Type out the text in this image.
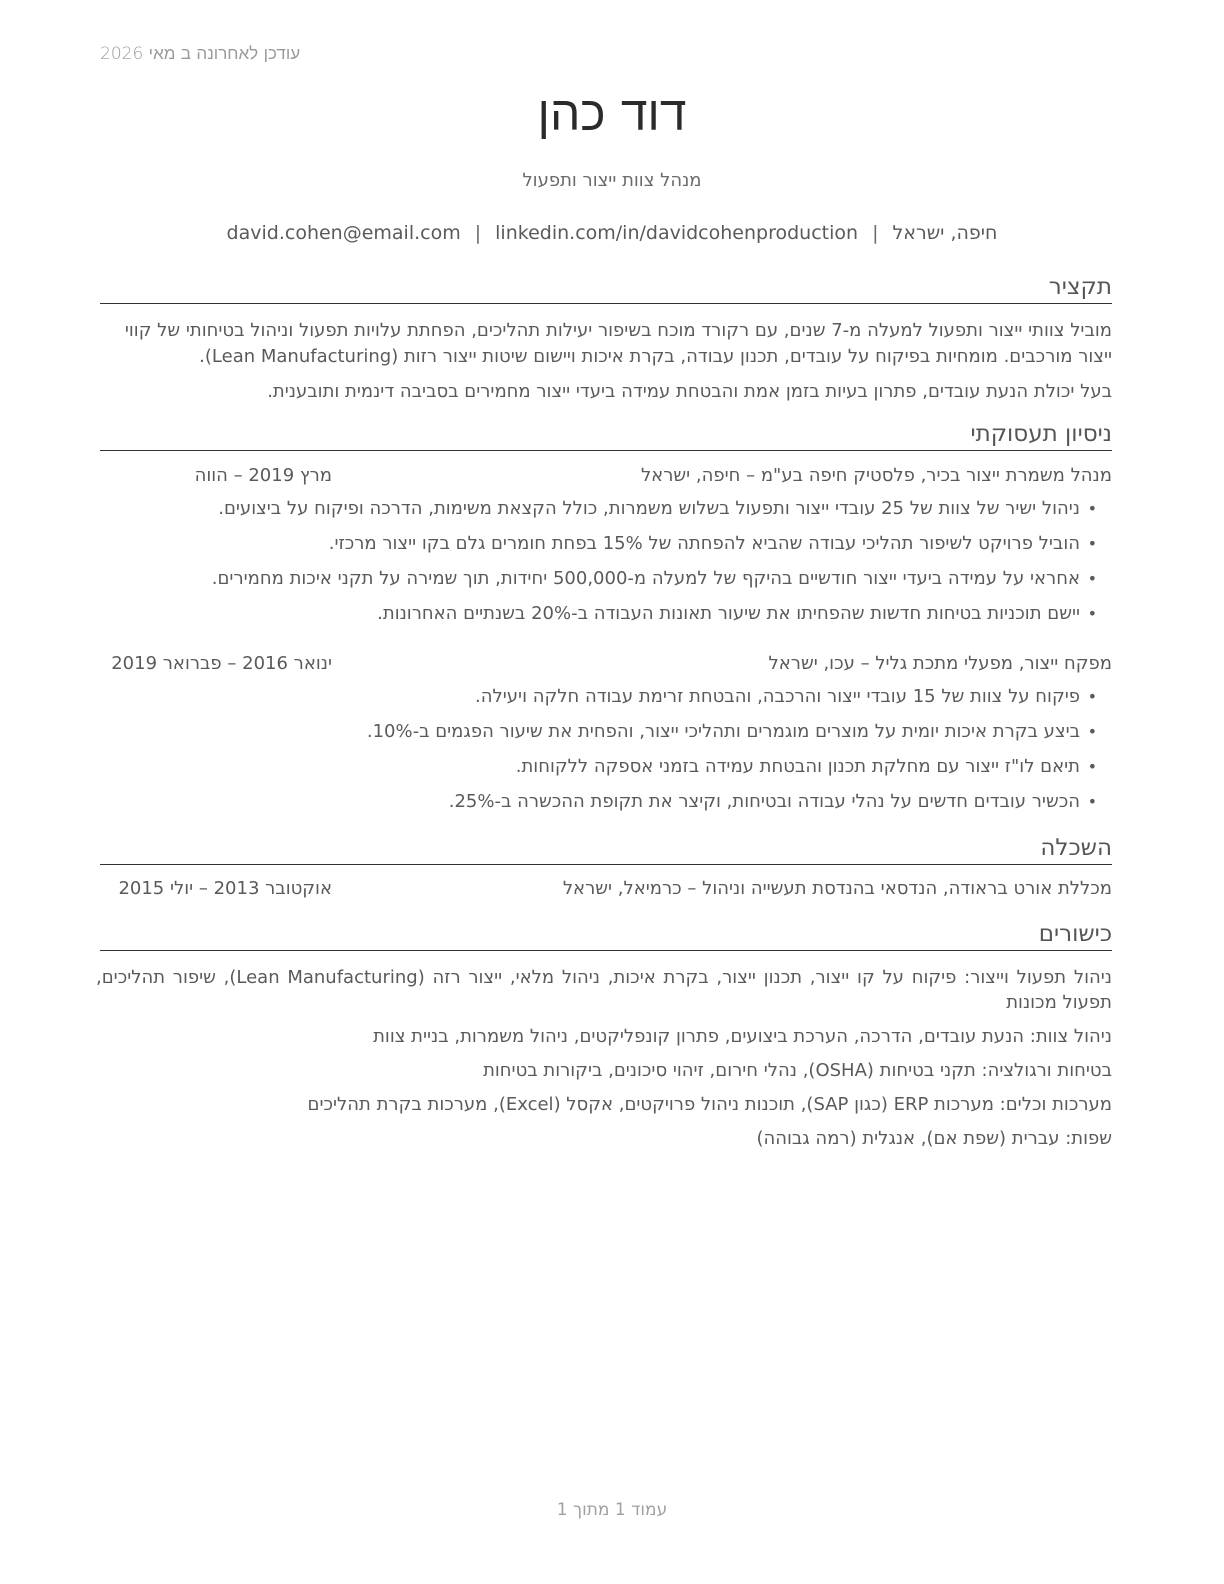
עודכן לאחרונה ב מאי 2026
דוד כהן
מנהל צוות ייצור ותפעול
חיפה, ישראל|david.cohen@email.com | linkedin.com/in/davidcohenproduction
תקציר
מוביל צוותי ייצור ותפעול למעלה מ-7 שנים, עם רקורד מוכח בשיפור יעילות תהליכים, הפחתת עלויות תפעול וניהול בטיחותי של קווי ייצור מורכבים. מומחיות בפיקוח על עובדים, תכנון עבודה, בקרת איכות ויישום שיטות ייצור רזות (Lean Manufacturing).
בעל יכולת הנעת עובדים, פתרון בעיות בזמן אמת והבטחת עמידה ביעדי ייצור מחמירים בסביבה דינמית ותובענית.
ניסיון תעסוקתי
מנהל משמרת ייצור בכיר, פלסטיק חיפה בע"מ – חיפה, ישראל
מרץ 2019 – הווה
• ניהול ישיר של צוות של 25 עובדי ייצור ותפעול בשלוש משמרות, כולל הקצאת משימות, הדרכה ופיקוח על ביצועים.
• הוביל פרויקט לשיפור תהליכי עבודה שהביא להפחתה של 15% בפחת חומרים גלם בקו ייצור מרכזי.
• אחראי על עמידה ביעדי ייצור חודשיים בהיקף של למעלה מ-500,000 יחידות, תוך שמירה על תקני איכות מחמירים.
• יישם תוכניות בטיחות חדשות שהפחיתו את שיעור תאונות העבודה ב-20% בשנתיים האחרונות.
מפקח ייצור, מפעלי מתכת גליל – עכו, ישראל
ינואר 2016 – פברואר 2019
• פיקוח על צוות של 15 עובדי ייצור והרכבה, והבטחת זרימת עבודה חלקה ויעילה.
• ביצע בקרת איכות יומית על מוצרים מוגמרים ותהליכי ייצור, והפחית את שיעור הפגמים ב-10%.
• תיאם לו"ז ייצור עם מחלקת תכנון והבטחת עמידה בזמני אספקה ללקוחות.
• הכשיר עובדים חדשים על נהלי עבודה ובטיחות, וקיצר את תקופת ההכשרה ב-25%.
השכלה
מכללת אורט בראודה, הנדסאי בהנדסת תעשייה וניהול – כרמיאל, ישראל
אוקטובר 2013 – יולי 2015
כישורים
ניהול תפעול וייצור: פיקוח על קו ייצור, תכנון ייצור, בקרת איכות, ניהול מלאי, ייצור רזה (Lean Manufacturing), שיפור תהליכים, תפעול מכונות
ניהול צוות: הנעת עובדים, הדרכה, הערכת ביצועים, פתרון קונפליקטים, ניהול משמרות, בניית צוות
בטיחות ורגולציה: תקני בטיחות (OSHA), נהלי חירום, זיהוי סיכונים, ביקורות בטיחות
מערכות וכלים: מערכות ERP (כגון SAP), תוכנות ניהול פרויקטים, אקסל (Excel), מערכות בקרת תהליכים
שפות: עברית (שפת אם), אנגלית (רמה גבוהה)
עמוד 1 מתוך 1
